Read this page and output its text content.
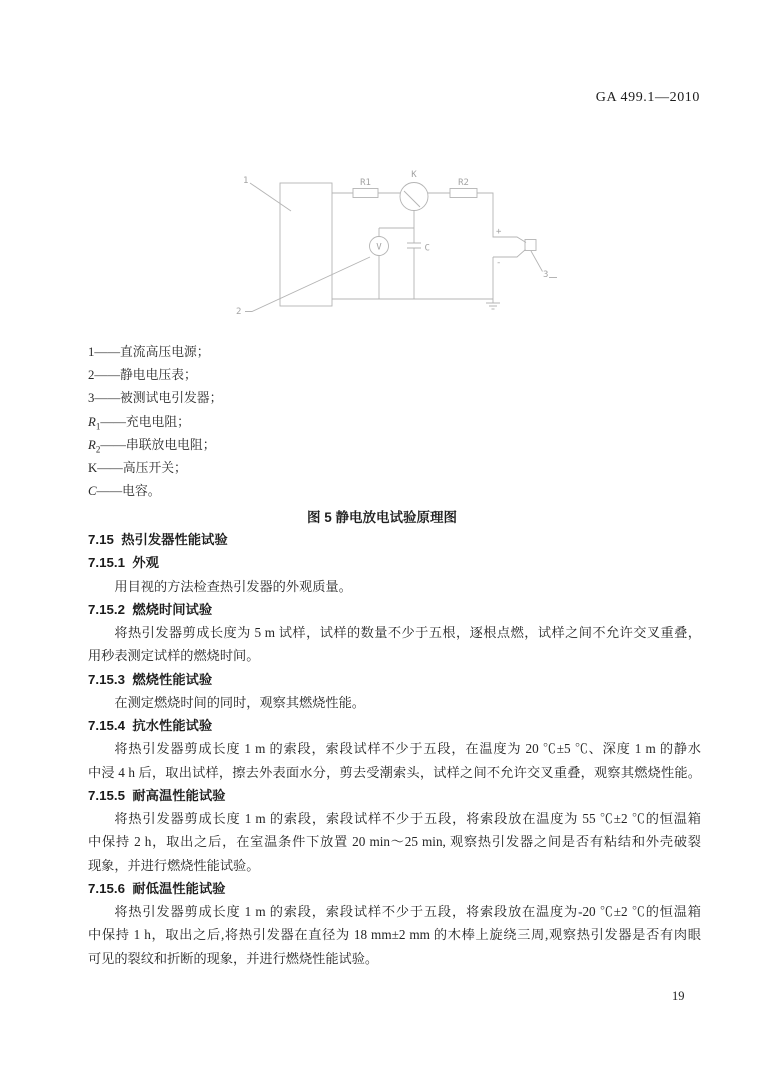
GA 499.1—2010
1
2
3
R1	R2
K
C
V
+
-
1——直流高压电源；
2——静电电压表；
3——被测试电引发器；
$R_1——$充电电阻；
$R_2——$串联放电电阻；
K——高压开关；
C——电容。
图 5 静电放电试验原理图
7.15  热引发器性能试验
7.15.1  外观
用目视的方法检查热引发器的外观质量。
7.15.2  燃烧时间试验
将热引发器剪成长度为 5 m 试样，试样的数量不少于五根，逐根点燃，试样之间不允许交叉重叠，
用秒表测定试样的燃烧时间。
7.15.3  燃烧性能试验
在测定燃烧时间的同时，观察其燃烧性能。
7.15.4  抗水性能试验
将热引发器剪成长度 1 m 的索段，索段试样不少于五段，在温度为 20 ℃±5 ℃、深度 1 m 的静水
中浸 4 h 后，取出试样，擦去外表面水分，剪去受潮索头，试样之间不允许交叉重叠，观察其燃烧性能。
7.15.5  耐高温性能试验
将热引发器剪成长度 1 m 的索段，索段试样不少于五段，将索段放在温度为 55 ℃±2 ℃的恒温箱
中保持 2 h，取出之后，在室温条件下放置 20 min～25 min, 观察热引发器之间是否有粘结和外壳破裂
现象，并进行燃烧性能试验。
7.15.6  耐低温性能试验
将热引发器剪成长度 1 m 的索段，索段试样不少于五段，将索段放在温度为-20 ℃±2 ℃的恒温箱
中保持 1 h，取出之后,将热引发器在直径为 18 mm±2 mm 的木棒上旋绕三周,观察热引发器是否有肉眼
可见的裂纹和折断的现象，并进行燃烧性能试验。
19
